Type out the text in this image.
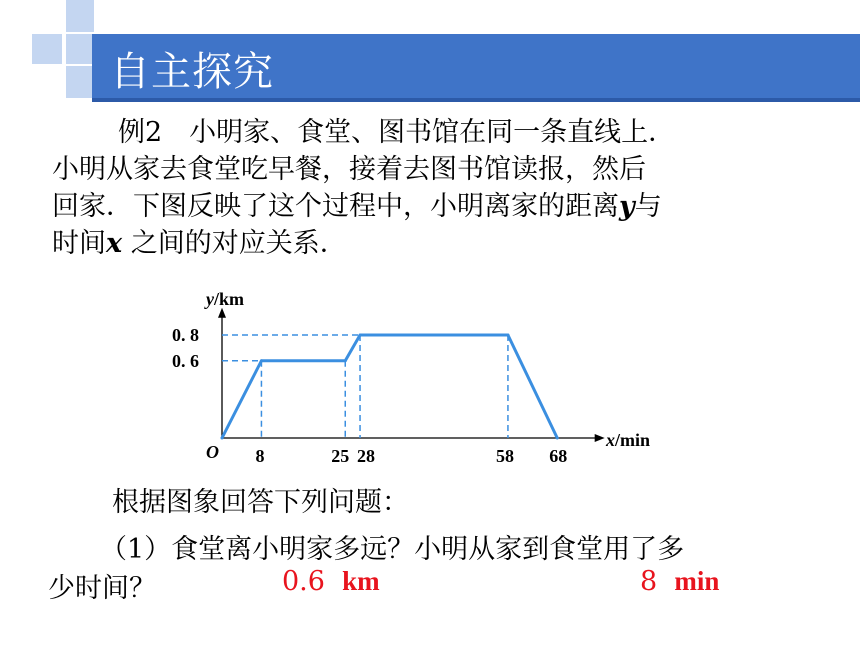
自主探究
例2　小明家、食堂、图书馆在同一条直线上．
小明从家去食堂吃早餐，接着去图书馆读报，然后
回家．下图反映了这个过程中，小明离家的距离y与
时间x 之间的对应关系．
8	25 28	58 68
0. 8
0. 6
O
y/km
x/min
根据图象回答下列问题：
（1）食堂离小明家多远？小明从家到食堂用了多
少时间？	0.6 km	8 min
